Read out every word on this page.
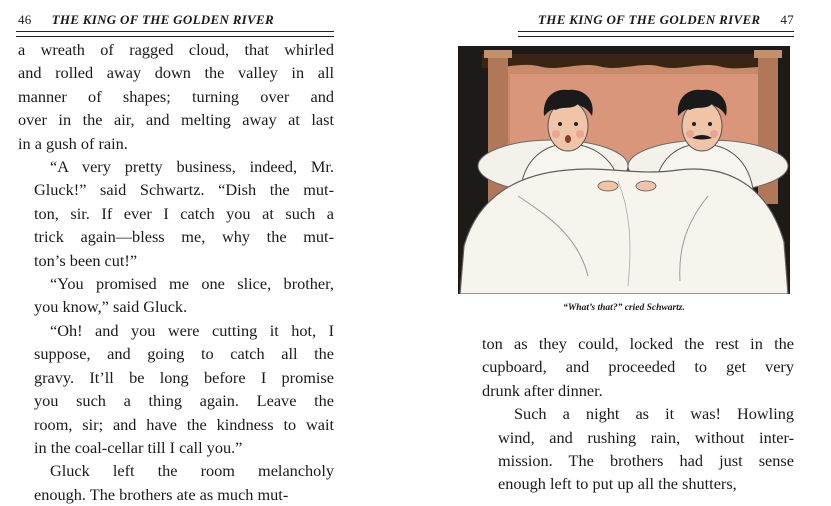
46 THE KING OF THE GOLDEN RIVER

a wreath of ragged cloud, that whirled
and rolled away down the valley in all
manner of shapes; turning over and
over in the air, and melting away at last
in a gush of rain.

“A very pretty business, indeed, Mr.
Gluck!” said Schwartz. “Dish the mut-
ton, sir. If ever I catch you at such a
trick again—bless me, why the mut-
ton’s been cut!”

“You promised me one slice, brother,
you know,” said Gluck.

“Oh! and you were cutting it hot, I
suppose, and going to catch all the
gravy. It’ll be long before I promise
you such a thing again. Leave the
room, sir; and have the kindness to wait
in the coal-cellar till I call you.”

Gluck left the room melancholy
enough. The brothers ate as much mut-

THE KING OF THE GOLDEN RIVER 47
“What’s that?” cried Schwartz.

ton as they could, locked the rest in the
cupboard, and proceeded to get very
drunk after dinner.

Such a night as it was! Howling
wind, and rushing rain, without inter-
mission. The brothers had just sense
enough left to put up all the shutters,
